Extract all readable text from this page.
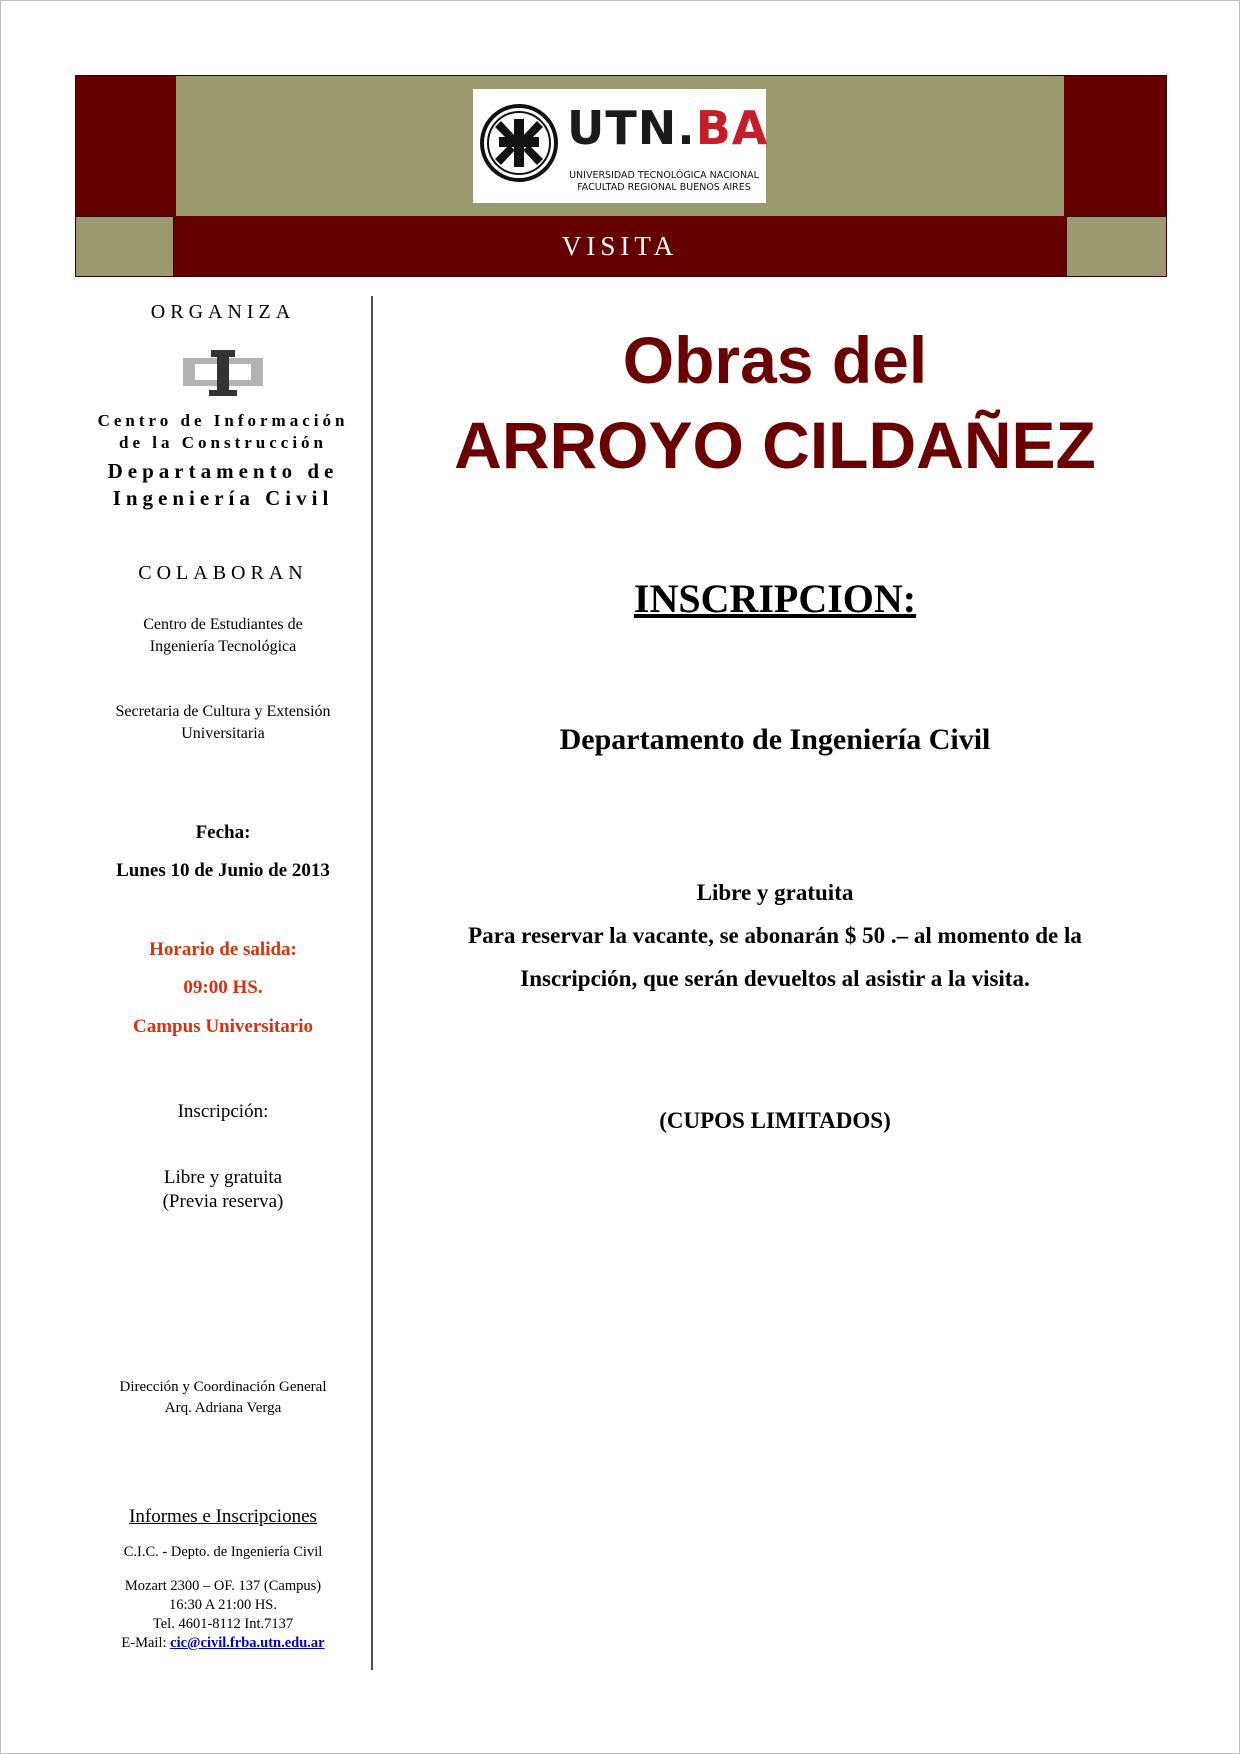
UTN.BA
UNIVERSIDAD TECNOLÓGICA NACIONAL
FACULTAD REGIONAL BUENOS AIRES
VISITA
ORGANIZA
Centro de Información
de la Construcción
Departamento de
Ingeniería Civil
COLABORAN
Centro de Estudiantes de
Ingeniería Tecnológica
Secretaria de Cultura y Extensión
Universitaria
Fecha:
Lunes 10 de Junio de 2013
Horario de salida:
09:00 HS.
Campus Universitario
Inscripción:
Libre y gratuita
(Previa reserva)
Dirección y Coordinación General
Arq. Adriana Verga
Informes e Inscripciones
C.I.C. - Depto. de Ingeniería Civil
Mozart 2300 – OF. 137 (Campus)
16:30 A 21:00 HS.
Tel. 4601-8112 Int.7137
E-Mail: cic@civil.frba.utn.edu.ar
Obras del
ARROYO CILDAÑEZ
INSCRIPCION:
Departamento de Ingeniería Civil
Libre y gratuita
Para reservar la vacante, se abonarán $ 50 .– al momento de la
Inscripción, que serán devueltos al asistir a la visita.
(CUPOS LIMITADOS)
